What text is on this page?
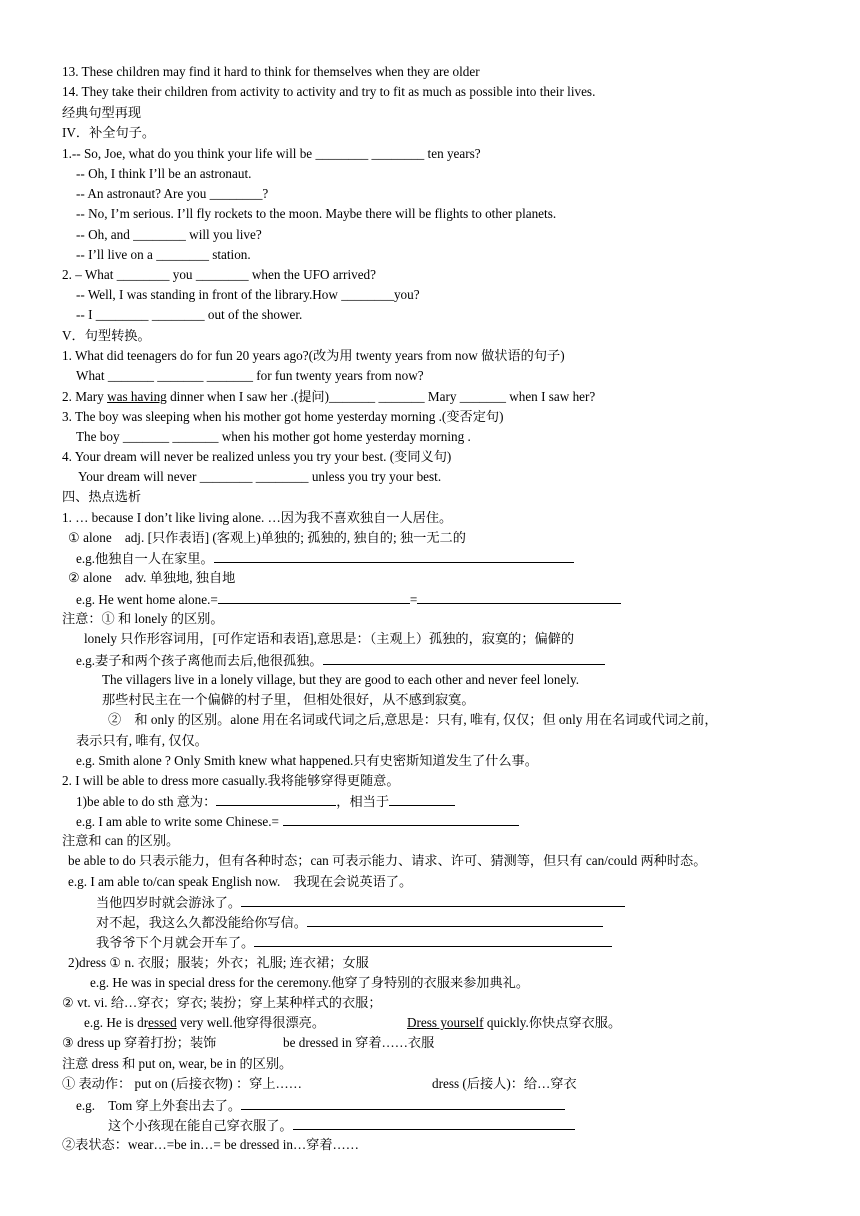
13. These children may find it hard to think for themselves when they are older
14. They take their children from activity to activity and try to fit as much as possible into their lives.
经典句型再现
IV．补全句子。
1.-- So, Joe, what do you think your life will be ________ ________ ten years?
-- Oh, I think I’ll be an astronaut.
-- An astronaut? Are you ________?
-- No, I’m serious. I’ll fly rockets to the moon. Maybe there will be flights to other planets.
-- Oh, and ________ will you live?
-- I’ll live on a ________ station.
2. – What ________ you ________ when the UFO arrived?
-- Well, I was standing in front of the library.How ________you?
-- I ________ ________ out of the shower.
V．句型转换。
1. What did teenagers do for fun 20 years ago?(改为用 twenty years from now 做状语的句子)
What _______ _______ _______ for fun twenty years from now?
2. Mary was having dinner when I saw her .(提问)_______ _______ Mary _______ when I saw her?
3. The boy was sleeping when his mother got home yesterday morning .(变否定句)
The boy _______ _______ when his mother got home yesterday morning .
4. Your dream will never be realized unless you try your best. (变同义句)
Your dream will never ________ ________ unless you try your best.
四、热点选析
1. … because I don’t like living alone. …因为我不喜欢独自一人居住。
① alone　adj. [只作表语] (客观上)单独的; 孤独的, 独自的; 独一无二的
e.g.他独自一人在家里。
② alone　adv. 单独地, 独自地
e.g. He went home alone.=	=
注意：① 和 lonely 的区别。
lonely 只作形容词用，[可作定语和表语],意思是：（主观上）孤独的，寂寞的；偏僻的
e.g.妻子和两个孩子离他而去后,他很孤独。
The villagers live in a lonely village, but they are good to each other and never feel lonely.
那些村民主在一个偏僻的村子里， 但相处很好，从不感到寂寞。
②　和 only 的区别。alone 用在名词或代词之后,意思是：只有, 唯有, 仅仅；但 only 用在名词或代词之前，
表示只有, 唯有, 仅仅。
e.g. Smith alone ? Only Smith knew what happened.只有史密斯知道发生了什么事。
2. I will be able to dress more casually.我将能够穿得更随意。
1)be able to do sth 意为：	，相当于
e.g. I am able to write some Chinese.=
注意和 can 的区别。
be able to do 只表示能力，但有各种时态；can 可表示能力、请求、许可、猜测等，但只有 can/could 两种时态。
e.g. I am able to/can speak English now.　我现在会说英语了。
当他四岁时就会游泳了。
对不起，我这么久都没能给你写信。
我爷爷下个月就会开车了。
2)dress ① n. 衣服；服装；外衣；礼服; 连衣裙；女服
e.g. He was in special dress for the ceremony.他穿了身特别的衣服来参加典礼。
② vt. vi. 给…穿衣；穿衣; 装扮；穿上某种样式的衣服；
e.g. He is dressed very well.他穿得很漂亮。	Dress yourself quickly.你快点穿衣服。
③ dress up 穿着打扮；装饰	be dressed in 穿着……衣服
注意 dress 和 put on, wear, be in 的区别。
① 表动作： put on (后接衣物) ：穿上……	dress (后接人)：给…穿衣
e.g.　Tom 穿上外套出去了。
这个小孩现在能自己穿衣服了。
②表状态：wear…=be in…= be dressed in…穿着……
